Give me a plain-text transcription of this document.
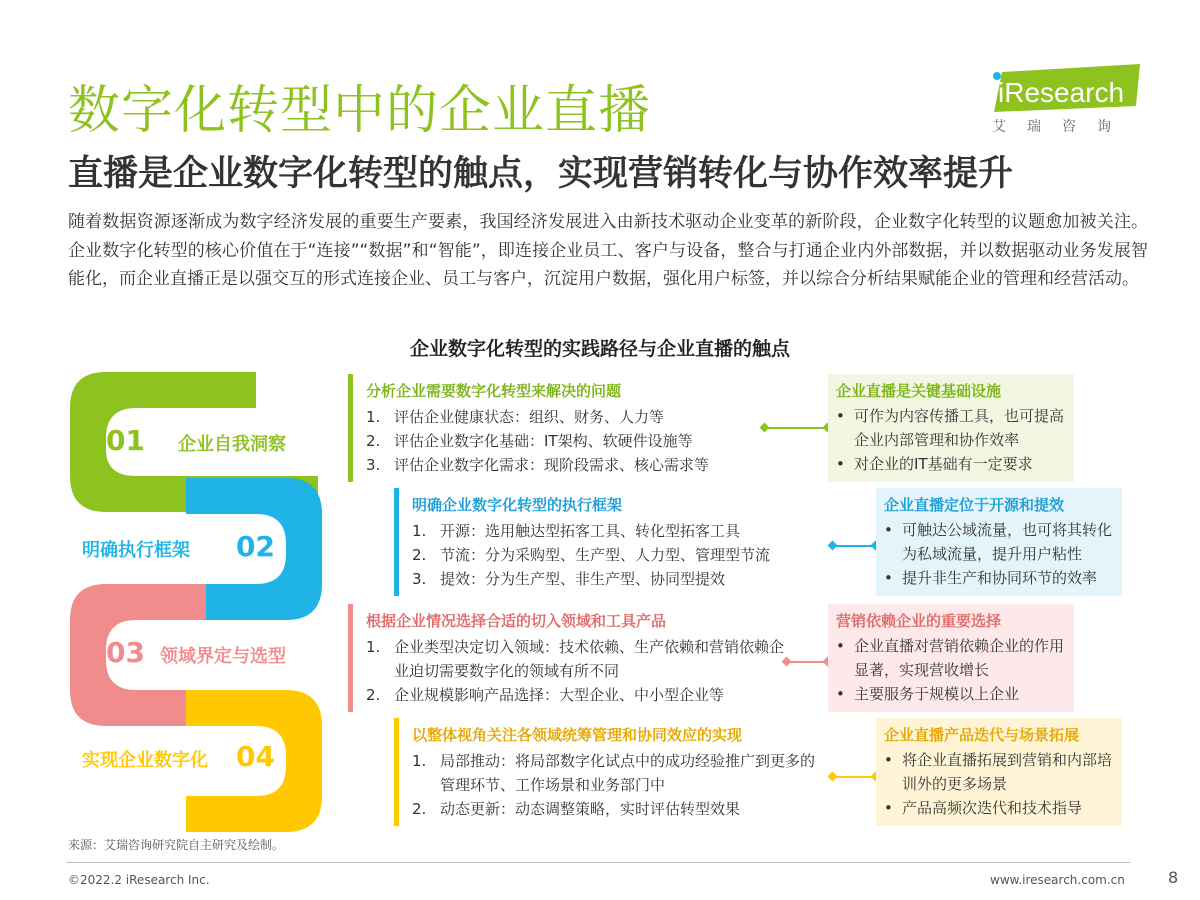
数字化转型中的企业直播
直播是企业数字化转型的触点，实现营销转化与协作效率提升
iResearch
艾瑞咨询
随着数据资源逐渐成为数字经济发展的重要生产要素，我国经济发展进入由新技术驱动企业变革的新阶段，企业数字化转型的议题愈加被关注。企业数字化转型的核心价值在于“连接”“数据”和“智能”，即连接企业员工、客户与设备，整合与打通企业内外部数据，并以数据驱动业务发展智能化，而企业直播正是以强交互的形式连接企业、员工与客户，沉淀用户数据，强化用户标签，并以综合分析结果赋能企业的管理和经营活动。
企业数字化转型的实践路径与企业直播的触点
01 企业自我洞察
明确执行框架 02
03 领域界定与选型
实现企业数字化 04
分析企业需要数字化转型来解决的问题
1. 评估企业健康状态：组织、财务、人力等
2. 评估企业数字化基础：IT架构、软硬件设施等
3. 评估企业数字化需求：现阶段需求、核心需求等
明确企业数字化转型的执行框架
1. 开源：选用触达型拓客工具、转化型拓客工具
2. 节流：分为采购型、生产型、人力型、管理型节流
3. 提效：分为生产型、非生产型、协同型提效
根据企业情况选择合适的切入领域和工具产品
1. 企业类型决定切入领域：技术依赖、生产依赖和营销依赖企业迫切需要数字化的领域有所不同
2. 企业规模影响产品选择：大型企业、中小型企业等
以整体视角关注各领域统筹管理和协同效应的实现
1. 局部推动：将局部数字化试点中的成功经验推广到更多的管理环节、工作场景和业务部门中
2. 动态更新：动态调整策略，实时评估转型效果
企业直播是关键基础设施
• 可作为内容传播工具，也可提高企业内部管理和协作效率
• 对企业的IT基础有一定要求
企业直播定位于开源和提效
• 可触达公域流量，也可将其转化为私域流量，提升用户粘性
• 提升非生产和协同环节的效率
营销依赖企业的重要选择
• 企业直播对营销依赖企业的作用显著，实现营收增长
• 主要服务于规模以上企业
企业直播产品迭代与场景拓展
• 将企业直播拓展到营销和内部培训外的更多场景
• 产品高频次迭代和技术指导
来源：艾瑞咨询研究院自主研究及绘制。
©2022.2 iResearch Inc.	www.iresearch.com.cn	8
